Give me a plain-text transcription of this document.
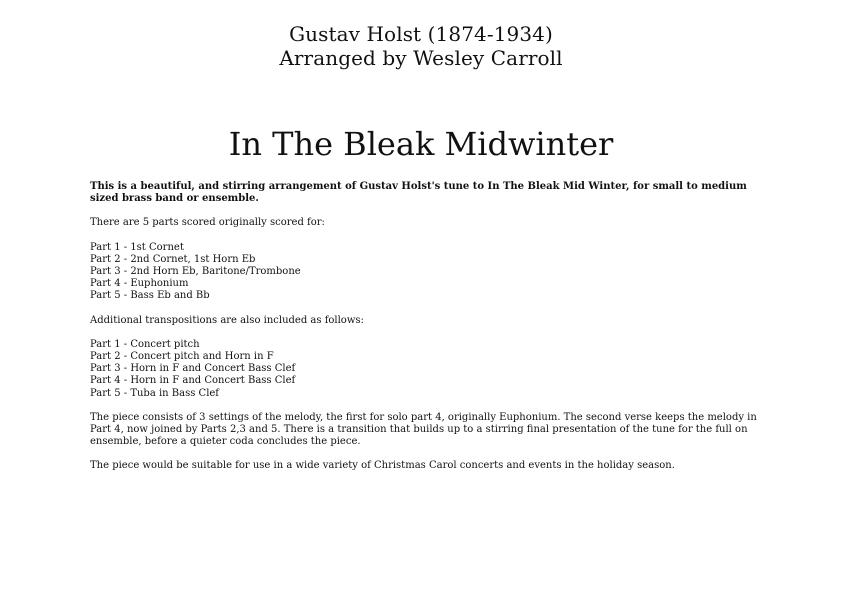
Gustav Holst (1874-1934)
Arranged by Wesley Carroll
In The Bleak Midwinter

This is a beautiful, and stirring arrangement of Gustav Holst's tune to In The Bleak Mid Winter, for small to medium sized brass band or ensemble.

There are 5 parts scored originally scored for:

Part 1 - 1st Cornet
Part 2 - 2nd Cornet, 1st Horn Eb
Part 3 - 2nd Horn Eb, Baritone/Trombone
Part 4 - Euphonium
Part 5 - Bass Eb and Bb

Additional transpositions are also included as follows:

Part 1 - Concert pitch
Part 2 - Concert pitch and Horn in F
Part 3 - Horn in F and Concert Bass Clef
Part 4 - Horn in F and Concert Bass Clef
Part 5 - Tuba in Bass Clef

The piece consists of 3 settings of the melody, the first for solo part 4, originally Euphonium. The second verse keeps the melody in Part 4, now joined by Parts 2,3 and 5. There is a transition that builds up to a stirring final presentation of the tune for the full on ensemble, before a quieter coda concludes the piece.

The piece would be suitable for use in a wide variety of Christmas Carol concerts and events in the holiday season.
